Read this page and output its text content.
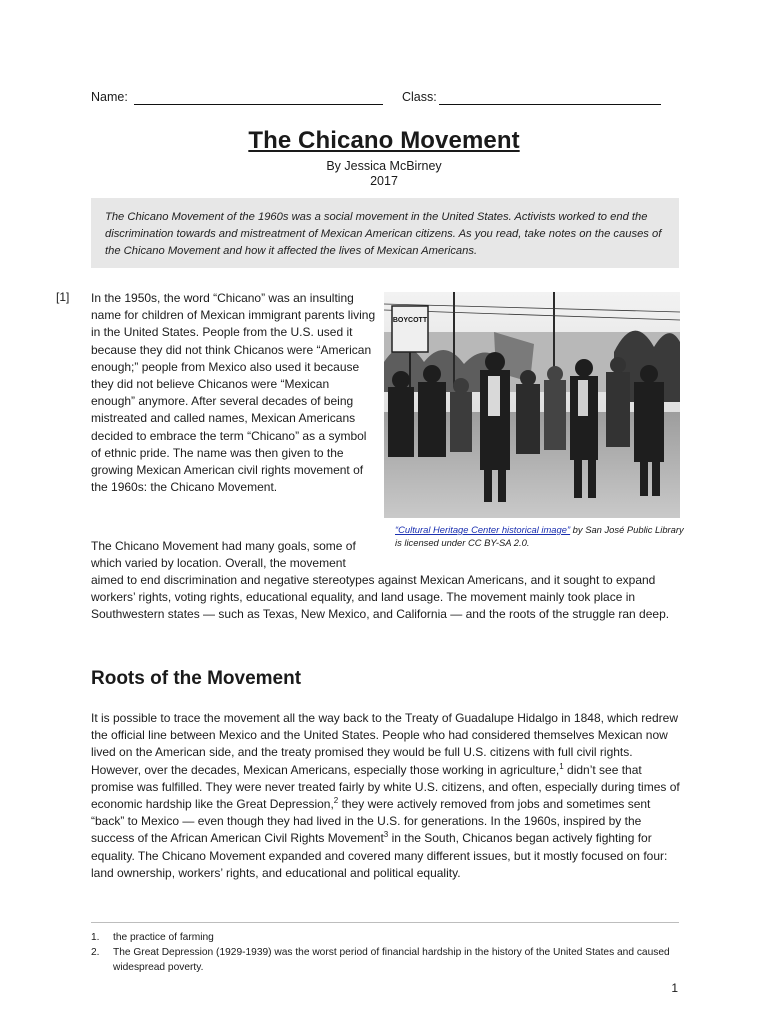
Name:	Class:
The Chicano Movement
By Jessica McBirney
2017
The Chicano Movement of the 1960s was a social movement in the United States. Activists worked to end the discrimination towards and mistreatment of Mexican American citizens. As you read, take notes on the causes of the Chicano Movement and how it affected the lives of Mexican Americans.
[1] In the 1950s, the word “Chicano” was an insulting name for children of Mexican immigrant parents living in the United States. People from the U.S. used it because they did not think Chicanos were “American enough;” people from Mexico also used it because they did not believe Chicanos were “Mexican enough” anymore. After several decades of being mistreated and called names, Mexican Americans decided to embrace the term “Chicano” as a symbol of ethnic pride. The name was then given to the growing Mexican American civil rights movement of the 1960s: the Chicano Movement.
BOYCOTT
“Cultural Heritage Center historical image” by San José Public Library is licensed under CC BY-SA 2.0.
The Chicano Movement had many goals, some of which varied by location. Overall, the movement
aimed to end discrimination and negative stereotypes against Mexican Americans, and it sought to expand workers’ rights, voting rights, educational equality, and land usage. The movement mainly took place in Southwestern states — such as Texas, New Mexico, and California — and the roots of the struggle ran deep.
Roots of the Movement
It is possible to trace the movement all the way back to the Treaty of Guadalupe Hidalgo in 1848, which redrew the official line between Mexico and the United States. People who had considered themselves Mexican now lived on the American side, and the treaty promised they would be full U.S. citizens with full civil rights. However, over the decades, Mexican Americans, especially those working in agriculture,$^1$ didn’t see that promise was fulfilled. They were never treated fairly by white U.S. citizens, and often, especially during times of economic hardship like the Great Depression,$^2$ they were actively removed from jobs and sometimes sent “back” to Mexico — even though they had lived in the U.S. for generations. In the 1960s, inspired by the success of the African American Civil Rights Movement$^3$ in the South, Chicanos began actively fighting for equality. The Chicano Movement expanded and covered many different issues, but it mostly focused on four: land ownership, workers’ rights, and educational and political equality.
1.	the practice of farming
2.	The Great Depression (1929-1939) was the worst period of financial hardship in the history of the United States and caused widespread poverty.
1
